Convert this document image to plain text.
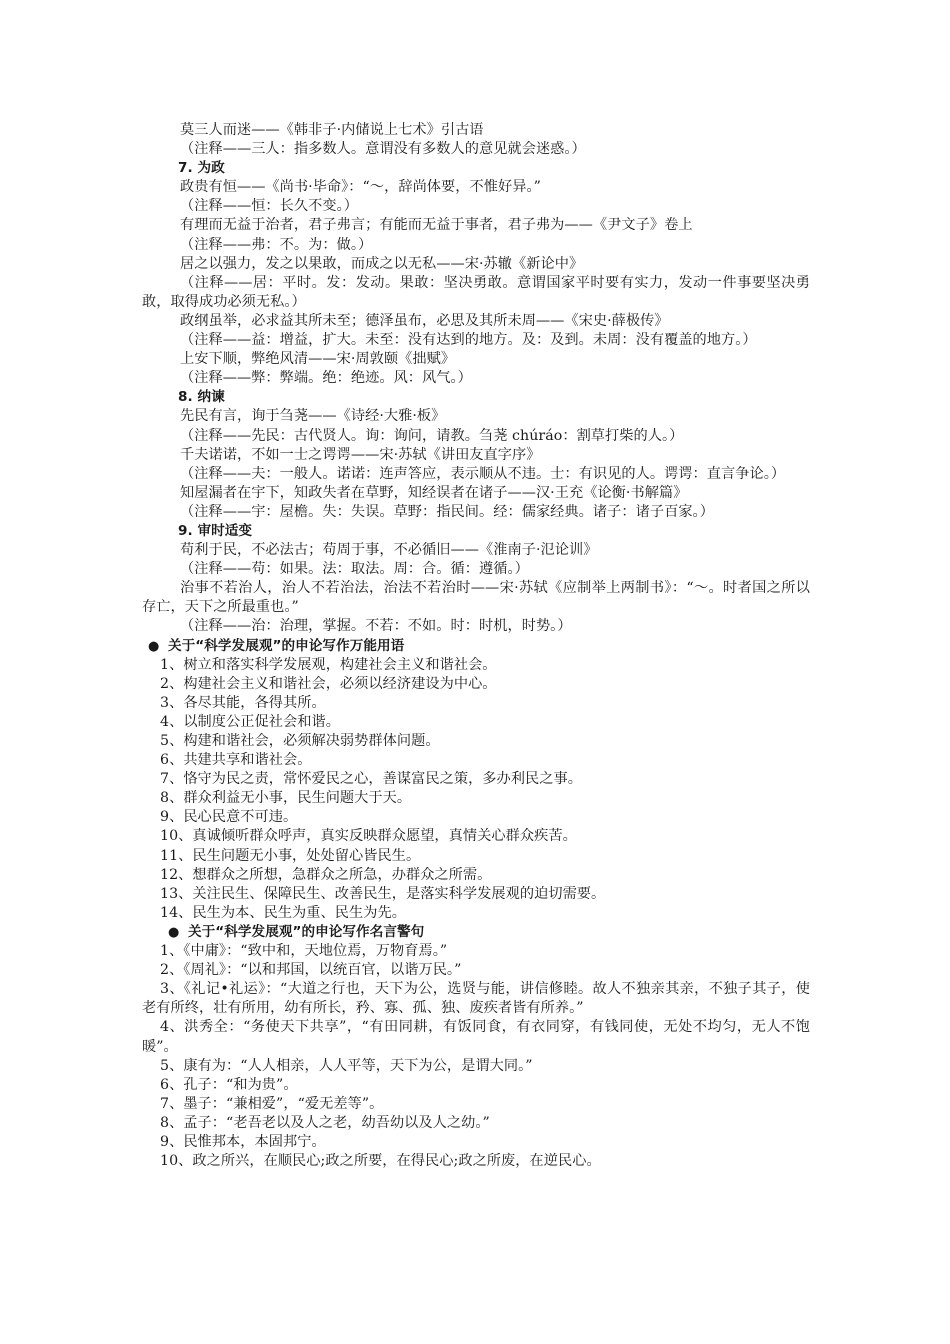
莫三人而迷——《韩非子·内储说上七术》引古语

（注释——三人：指多数人。意谓没有多数人的意见就会迷惑。）

7. 为政

政贵有恒——《尚书·毕命》：“～，辞尚体要，不惟好异。”

（注释——恒：长久不变。）

有理而无益于治者，君子弗言；有能而无益于事者，君子弗为——《尹文子》卷上

（注释——弗：不。为：做。）

居之以强力，发之以果敢，而成之以无私——宋·苏辙《新论中》

（注释——居：平时。发：发动。果敢：坚决勇敢。意谓国家平时要有实力，发动一件事要坚决勇敢，取得成功必须无私。）

政纲虽举，必求益其所未至；德泽虽布，必思及其所未周——《宋史·薛极传》

（注释——益：增益，扩大。未至：没有达到的地方。及：及到。未周：没有覆盖的地方。）

上安下顺，弊绝风清——宋·周敦颐《拙赋》

（注释——弊：弊端。绝：绝迹。风：风气。）

8. 纳谏

先民有言，询于刍荛——《诗经·大雅·板》

（注释——先民：古代贤人。询：询问，请教。刍荛 chúráo：割草打柴的人。）

千夫诺诺，不如一士之谔谔——宋·苏轼《讲田友直字序》

（注释——夫：一般人。诺诺：连声答应，表示顺从不违。士：有识见的人。谔谔：直言争论。）

知屋漏者在宇下，知政失者在草野，知经误者在诸子——汉·王充《论衡·书解篇》

（注释——宇：屋檐。失：失误。草野：指民间。经：儒家经典。诸子：诸子百家。）

9. 审时适变

苟利于民，不必法古；苟周于事，不必循旧——《淮南子·氾论训》

（注释——苟：如果。法：取法。周：合。循：遵循。）

治事不若治人，治人不若治法，治法不若治时——宋·苏轼《应制举上两制书》：“～。时者国之所以存亡，天下之所最重也。”

（注释——治：治理，掌握。不若：不如。时：时机，时势。）

● 关于“科学发展观”的申论写作万能用语

1、树立和落实科学发展观，构建社会主义和谐社会。

2、构建社会主义和谐社会，必须以经济建设为中心。

3、各尽其能，各得其所。

4、以制度公正促社会和谐。

5、构建和谐社会，必须解决弱势群体问题。

6、共建共享和谐社会。

7、恪守为民之责，常怀爱民之心，善谋富民之策，多办利民之事。

8、群众利益无小事，民生问题大于天。

9、民心民意不可违。

10、真诚倾听群众呼声，真实反映群众愿望，真情关心群众疾苦。

11、民生问题无小事，处处留心皆民生。

12、想群众之所想，急群众之所急，办群众之所需。

13、关注民生、保障民生、改善民生，是落实科学发展观的迫切需要。

14、民生为本、民生为重、民生为先。

● 关于“科学发展观”的申论写作名言警句

1、《中庸》：“致中和，天地位焉，万物育焉。”

2、《周礼》：“以和邦国，以统百官，以谐万民。”

3、《礼记•礼运》：“大道之行也，天下为公，选贤与能，讲信修睦。故人不独亲其亲，不独子其子，使老有所终，壮有所用，幼有所长，矜、寡、孤、独、废疾者皆有所养。”

4、洪秀全：“务使天下共享”，“有田同耕，有饭同食，有衣同穿，有钱同使，无处不均匀，无人不饱暖”。

5、康有为：“人人相亲，人人平等，天下为公，是谓大同。”

6、孔子：“和为贵”。

7、墨子：“兼相爱”，“爱无差等”。

8、孟子：“老吾老以及人之老，幼吾幼以及人之幼。”

9、民惟邦本，本固邦宁。

10、政之所兴，在顺民心;政之所要，在得民心;政之所废，在逆民心。
